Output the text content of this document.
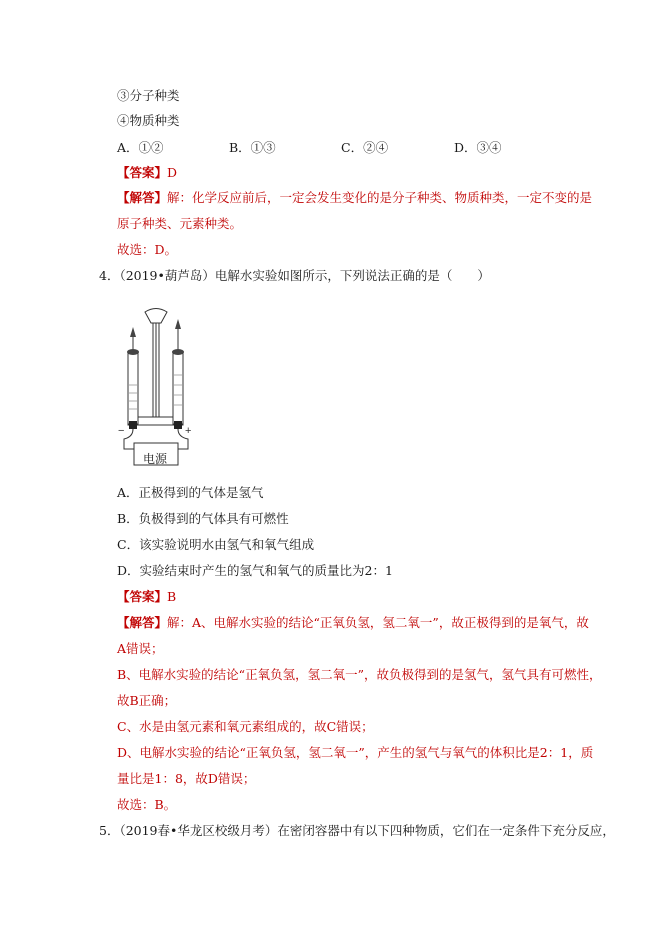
③分子种类
④物质种类
A．①②	B．①③	C．②④	D．③④
【答案】D
【解答】解：化学反应前后，一定会发生变化的是分子种类、物质种类，一定不变的是
原子种类、元素种类。
故选：D。
4．（2019•葫芦岛）电解水实验如图所示，下列说法正确的是（　　）
−	+
电源
A．正极得到的气体是氢气
B．负极得到的气体具有可燃性
C．该实验说明水由氢气和氧气组成
D．实验结束时产生的氢气和氧气的质量比为2：1
【答案】B
【解答】解：A、电解水实验的结论“正氧负氢，氢二氧一”，故正极得到的是氧气，故
A错误；
B、电解水实验的结论“正氧负氢，氢二氧一”，故负极得到的是氢气，氢气具有可燃性，
故B正确；
C、水是由氢元素和氧元素组成的，故C错误；
D、电解水实验的结论“正氧负氢，氢二氧一”，产生的氢气与氧气的体积比是2：1，质
量比是1：8，故D错误；
故选：B。
5．（2019春•华龙区校级月考）在密闭容器中有以下四种物质，它们在一定条件下充分反应，
